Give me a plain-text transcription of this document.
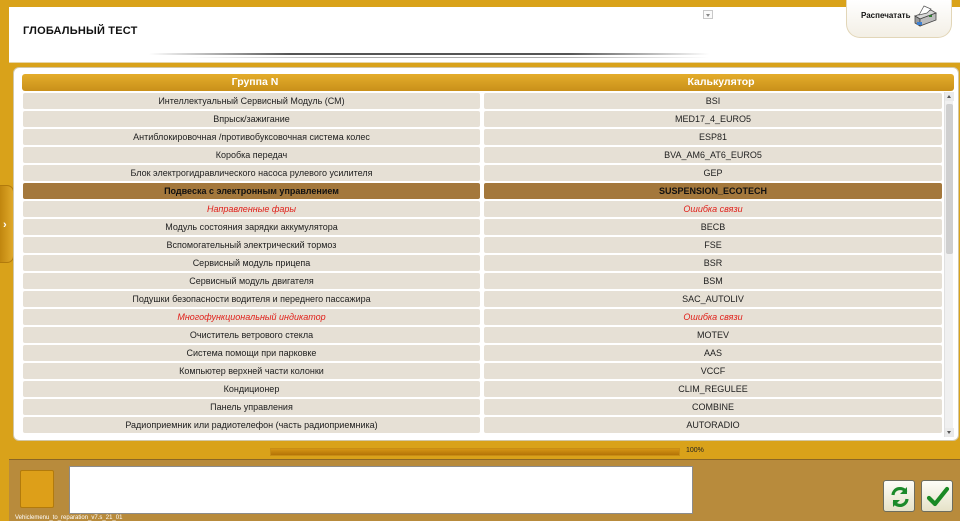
ГЛОБАЛЬНЫЙ ТЕСТ
Распечатать
›
Группа N	Калькулятор
Интеллектуальный Сервисный Модуль (СМ)	BSI
Впрыск/зажигание	MED17_4_EURO5
Антиблокировочная /противобуксовочная система колес	ESP81
Коробка передач	BVA_AM6_AT6_EURO5
Блок электрогидравлического насоса рулевого усилителя	GEP
Подвеска с электронным управлением	SUSPENSION_ECOTECH
Направленные фары	Ошибка связи
Модуль состояния зарядки аккумулятора	BECB
Вспомогательный электрический тормоз	FSE
Сервисный модуль прицепа	BSR
Сервисный модуль двигателя	BSM
Подушки безопасности водителя и переднего пассажира	SAC_AUTOLIV
Многофункциональный индикатор	Ошибка связи
Очиститель ветрового стекла	MOTEV
Система помощи при парковке	AAS
Компьютер верхней части колонки	VCCF
Кондиционер	CLIM_REGULEE
Панель управления	COMBINE
Радиоприемник или радиотелефон (часть радиоприемника)	AUTORADIO
100%
Vehiclemenu_to_reparation_v7.s_21_01
